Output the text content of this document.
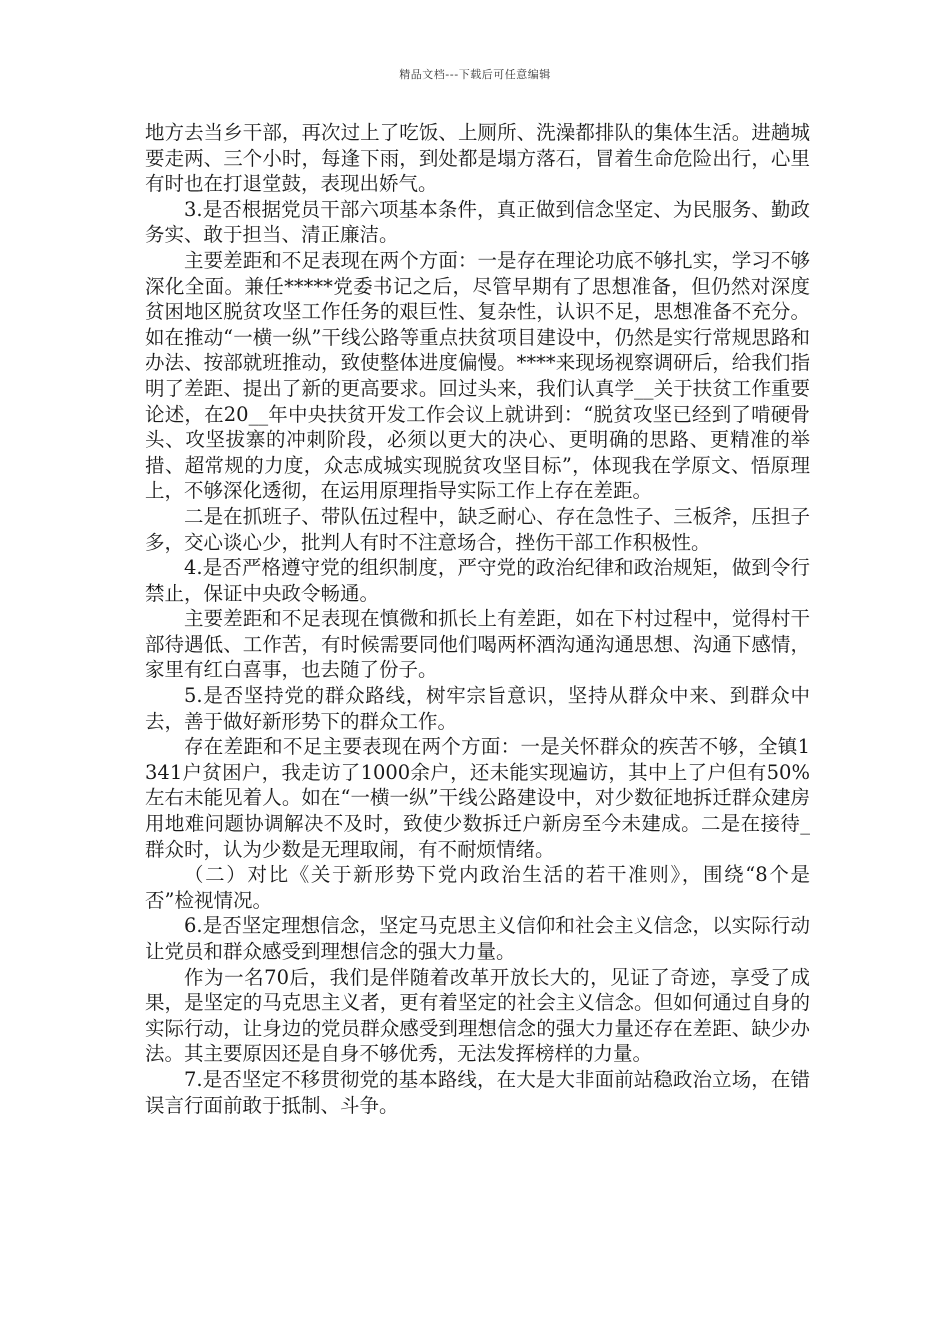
精品文档---下载后可任意编辑

地方去当乡干部，再次过上了吃饭、上厕所、洗澡都排队的集体生活。进趟城要走两、三个小时，每逢下雨，到处都是塌方落石，冒着生命危险出行，心里有时也在打退堂鼓，表现出娇气。

3.是否根据党员干部六项基本条件，真正做到信念坚定、为民服务、勤政务实、敢于担当、清正廉洁。

主要差距和不足表现在两个方面：一是存在理论功底不够扎实，学习不够深化全面。兼任*****党委书记之后，尽管早期有了思想准备，但仍然对深度贫困地区脱贫攻坚工作任务的艰巨性、复杂性，认识不足，思想准备不充分。如在推动“一横一纵”干线公路等重点扶贫项目建设中，仍然是实行常规思路和办法、按部就班推动，致使整体进度偏慢。****来现场视察调研后，给我们指明了差距、提出了新的更高要求。回过头来，我们认真学__关于扶贫工作重要论述，在20__年中央扶贫开发工作会议上就讲到：“脱贫攻坚已经到了啃硬骨头、攻坚拔寨的冲刺阶段，必须以更大的决心、更明确的思路、更精准的举措、超常规的力度，众志成城实现脱贫攻坚目标”，体现我在学原文、悟原理上，不够深化透彻，在运用原理指导实际工作上存在差距。

二是在抓班子、带队伍过程中，缺乏耐心、存在急性子、三板斧，压担子多，交心谈心少，批判人有时不注意场合，挫伤干部工作积极性。

4.是否严格遵守党的组织制度，严守党的政治纪律和政治规矩，做到令行禁止，保证中央政令畅通。

主要差距和不足表现在慎微和抓长上有差距，如在下村过程中，觉得村干部待遇低、工作苦，有时候需要同他们喝两杯酒沟通沟通思想、沟通下感情，家里有红白喜事，也去随了份子。

5.是否坚持党的群众路线，树牢宗旨意识，坚持从群众中来、到群众中去，善于做好新形势下的群众工作。

存在差距和不足主要表现在两个方面：一是关怀群众的疾苦不够，全镇1341户贫困户，我走访了1000余户，还未能实现遍访，其中上了户但有50%左右未能见着人。如在“一横一纵”干线公路建设中，对少数征地拆迁群众建房用地难问题协调解决不及时，致使少数拆迁户新房至今未建成。二是在接待_群众时，认为少数是无理取闹，有不耐烦情绪。

（二）对比《关于新形势下党内政治生活的若干准则》，围绕“8个是否”检视情况。

6.是否坚定理想信念，坚定马克思主义信仰和社会主义信念，以实际行动让党员和群众感受到理想信念的强大力量。

作为一名70后，我们是伴随着改革开放长大的，见证了奇迹，享受了成果，是坚定的马克思主义者，更有着坚定的社会主义信念。但如何通过自身的实际行动，让身边的党员群众感受到理想信念的强大力量还存在差距、缺少办法。其主要原因还是自身不够优秀，无法发挥榜样的力量。

7.是否坚定不移贯彻党的基本路线，在大是大非面前站稳政治立场，在错误言行面前敢于抵制、斗争。
